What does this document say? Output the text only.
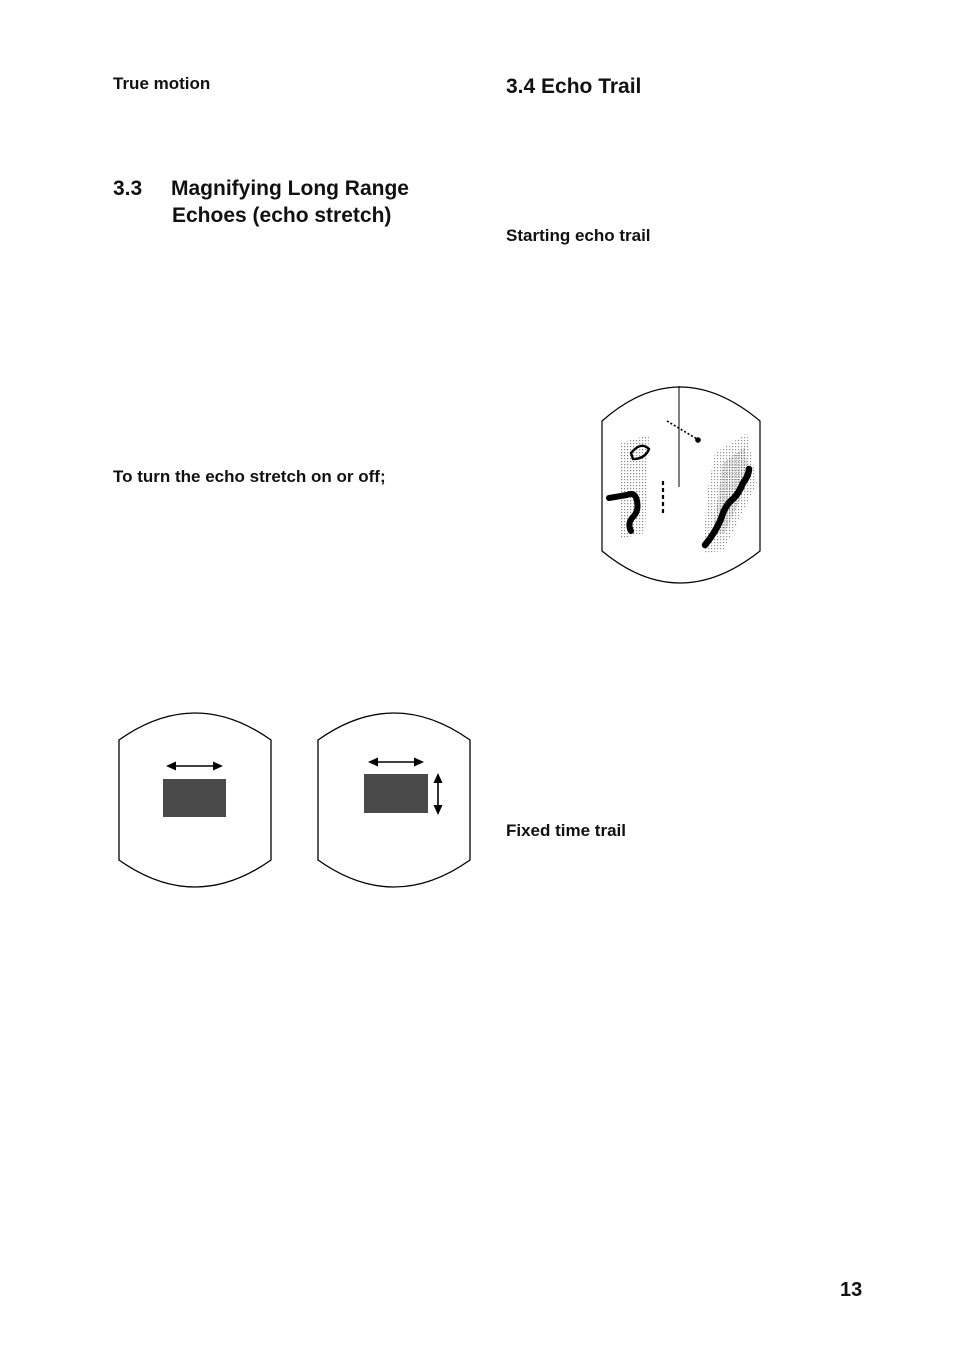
True motion
3.3 Magnifying Long Range
Echoes (echo stretch)
To turn the echo stretch on or off;
3.4 Echo Trail
Starting echo trail
Fixed time trail
13
